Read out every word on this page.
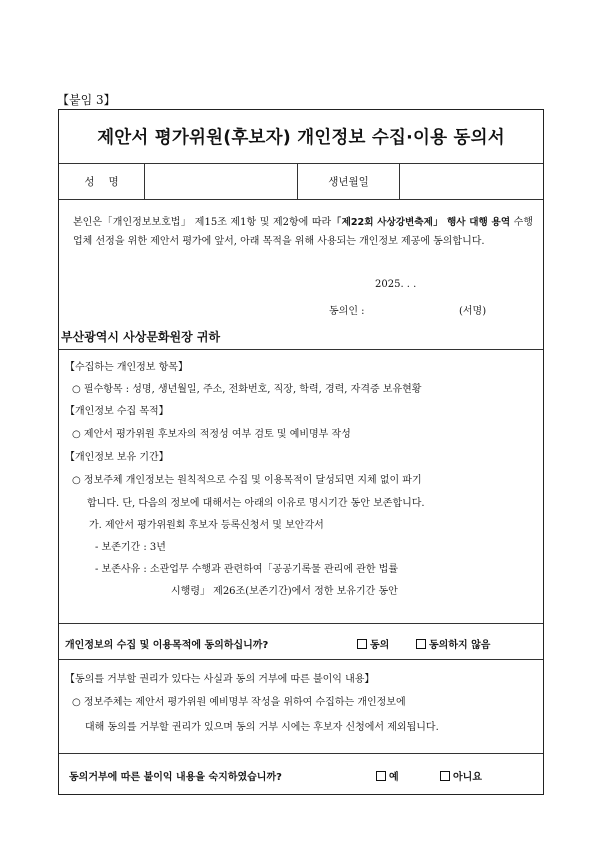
【붙임 3】
제안서 평가위원(후보자) 개인정보 수집·이용 동의서
성명	생년월일

본인은「개인정보보호법」 제15조 제1항 및 제2항에 따라「제22회 사상강변축제」 행사 대행 용역 수행업체 선정을 위한 제안서 평가에 앞서, 아래 목적을 위해 사용되는 개인정보 제공에 동의합니다.

2025. . .
동의인 :	(서명)
부산광역시 사상문화원장 귀하
【수집하는 개인정보 항목】
○ 필수항목 : 성명, 생년월일, 주소, 전화번호, 직장, 학력, 경력, 자격증 보유현황
【개인정보 수집 목적】
○ 제안서 평가위원 후보자의 적정성 여부 검토 및 예비명부 작성
【개인정보 보유 기간】
○ 정보주체 개인정보는 원칙적으로 수집 및 이용목적이 달성되면 지체 없이 파기
합니다. 단, 다음의 정보에 대해서는 아래의 이유로 명시기간 동안 보존합니다.
가. 제안서 평가위원회 후보자 등록신청서 및 보안각서
- 보존기간 : 3년
- 보존사유 : 소관업무 수행과 관련하여「공공기록물 관리에 관한 법률
시행령」 제26조(보존기간)에서 정한 보유기간 동안
개인정보의 수집 및 이용목적에 동의하십니까?	동의	동의하지 않음
【동의를 거부할 권리가 있다는 사실과 동의 거부에 따른 불이익 내용】
○ 정보주체는 제안서 평가위원 예비명부 작성을 위하여 수집하는 개인정보에
대해 동의를 거부할 권리가 있으며 동의 거부 시에는 후보자 신청에서 제외됩니다.
동의거부에 따른 불이익 내용을 숙지하였습니까?	예	아니요
